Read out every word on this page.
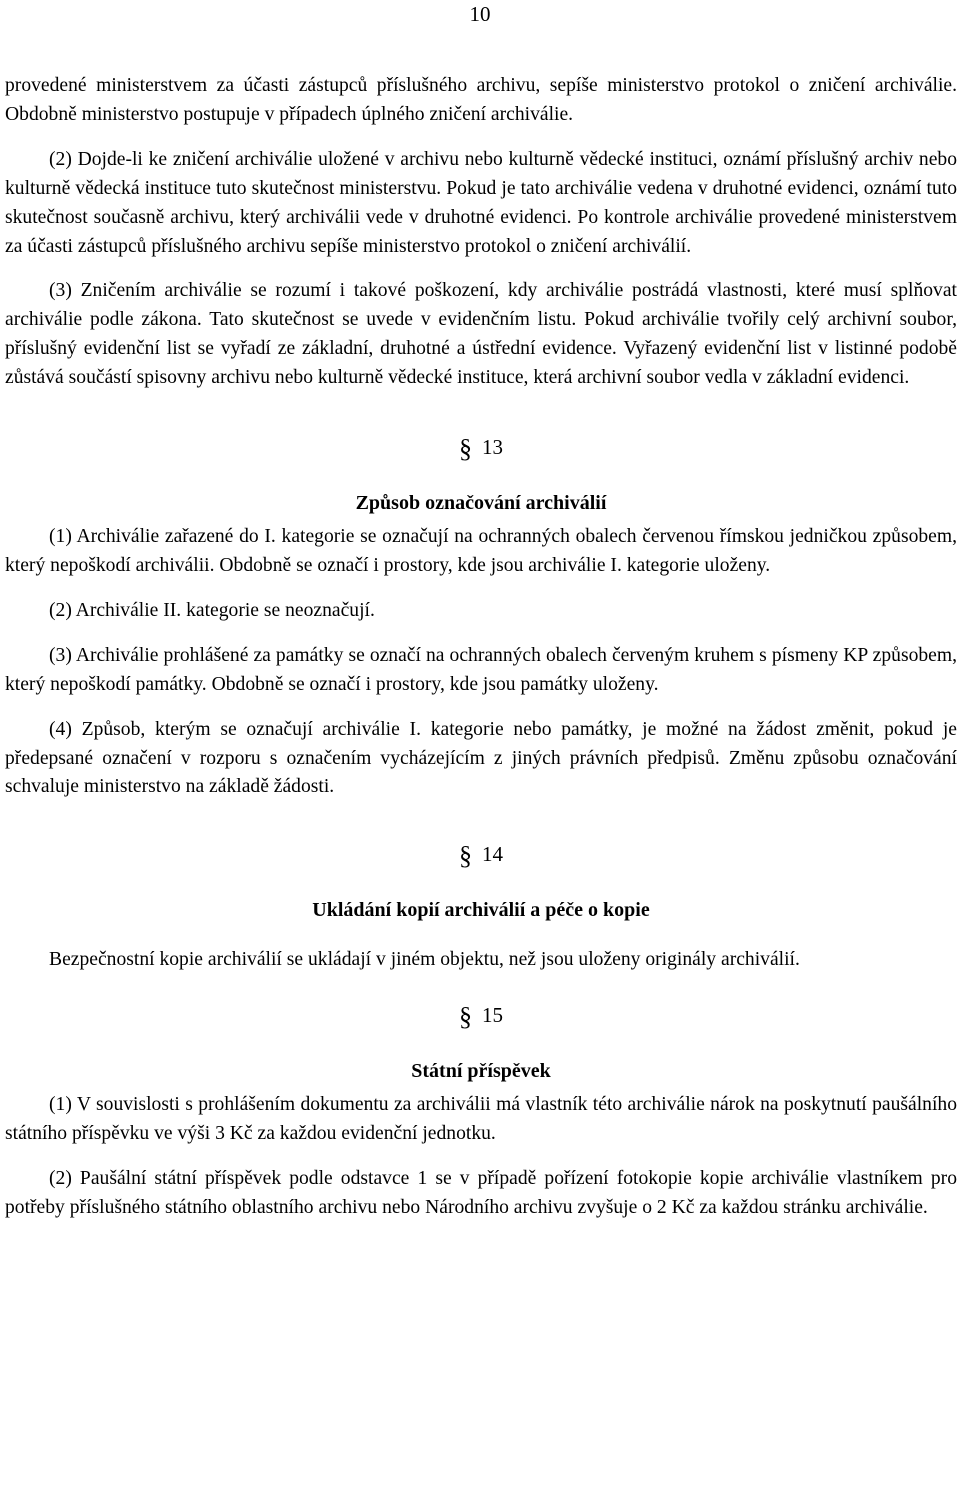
10

provedené ministerstvem za účasti zástupců příslušného archivu, sepíše ministerstvo protokol o zničení archiválie. Obdobně ministerstvo postupuje v případech úplného zničení archiválie.

(2) Dojde-li ke zničení archiválie uložené v archivu nebo kulturně vědecké instituci, oznámí příslušný archiv nebo kulturně vědecká instituce tuto skutečnost ministerstvu. Pokud je tato archiválie vedena v druhotné evidenci, oznámí tuto skutečnost současně archivu, který archiválii vede v druhotné evidenci. Po kontrole archiválie provedené ministerstvem za účasti zástupců příslušného archivu sepíše ministerstvo protokol o zničení archiválií.

(3) Zničením archiválie se rozumí i takové poškození, kdy archiválie postrádá vlastnosti, které musí splňovat archiválie podle zákona. Tato skutečnost se uvede v evidenčním listu. Pokud archiválie tvořily celý archivní soubor, příslušný evidenční list se vyřadí ze základní, druhotné a ústřední evidence. Vyřazený evidenční list v listinné podobě zůstává součástí spisovny archivu nebo kulturně vědecké instituce, která archivní soubor vedla v základní evidenci.

§ 13
Způsob označování archiválií

(1) Archiválie zařazené do I. kategorie se označují na ochranných obalech červenou římskou jedničkou způsobem, který nepoškodí archiválii. Obdobně se označí i prostory, kde jsou archiválie I. kategorie uloženy.

(2) Archiválie II. kategorie se neoznačují.

(3) Archiválie prohlášené za památky se označí na ochranných obalech červeným kruhem s písmeny KP způsobem, který nepoškodí památky. Obdobně se označí i prostory, kde jsou památky uloženy.

(4) Způsob, kterým se označují archiválie I. kategorie nebo památky, je možné na žádost změnit, pokud je předepsané označení v rozporu s označením vycházejícím z jiných právních předpisů. Změnu způsobu označování schvaluje ministerstvo na základě žádosti.

§ 14
Ukládání kopií archiválií a péče o kopie

Bezpečnostní kopie archiválií se ukládají v jiném objektu, než jsou uloženy originály archiválií.

§ 15
Státní příspěvek

(1) V souvislosti s prohlášením dokumentu za archiválii má vlastník této archiválie nárok na poskytnutí paušálního státního příspěvku ve výši 3 Kč za každou evidenční jednotku.

(2) Paušální státní příspěvek podle odstavce 1 se v případě pořízení fotokopie kopie archiválie vlastníkem pro potřeby příslušného státního oblastního archivu nebo Národního archivu zvyšuje o 2 Kč za každou stránku archiválie.
